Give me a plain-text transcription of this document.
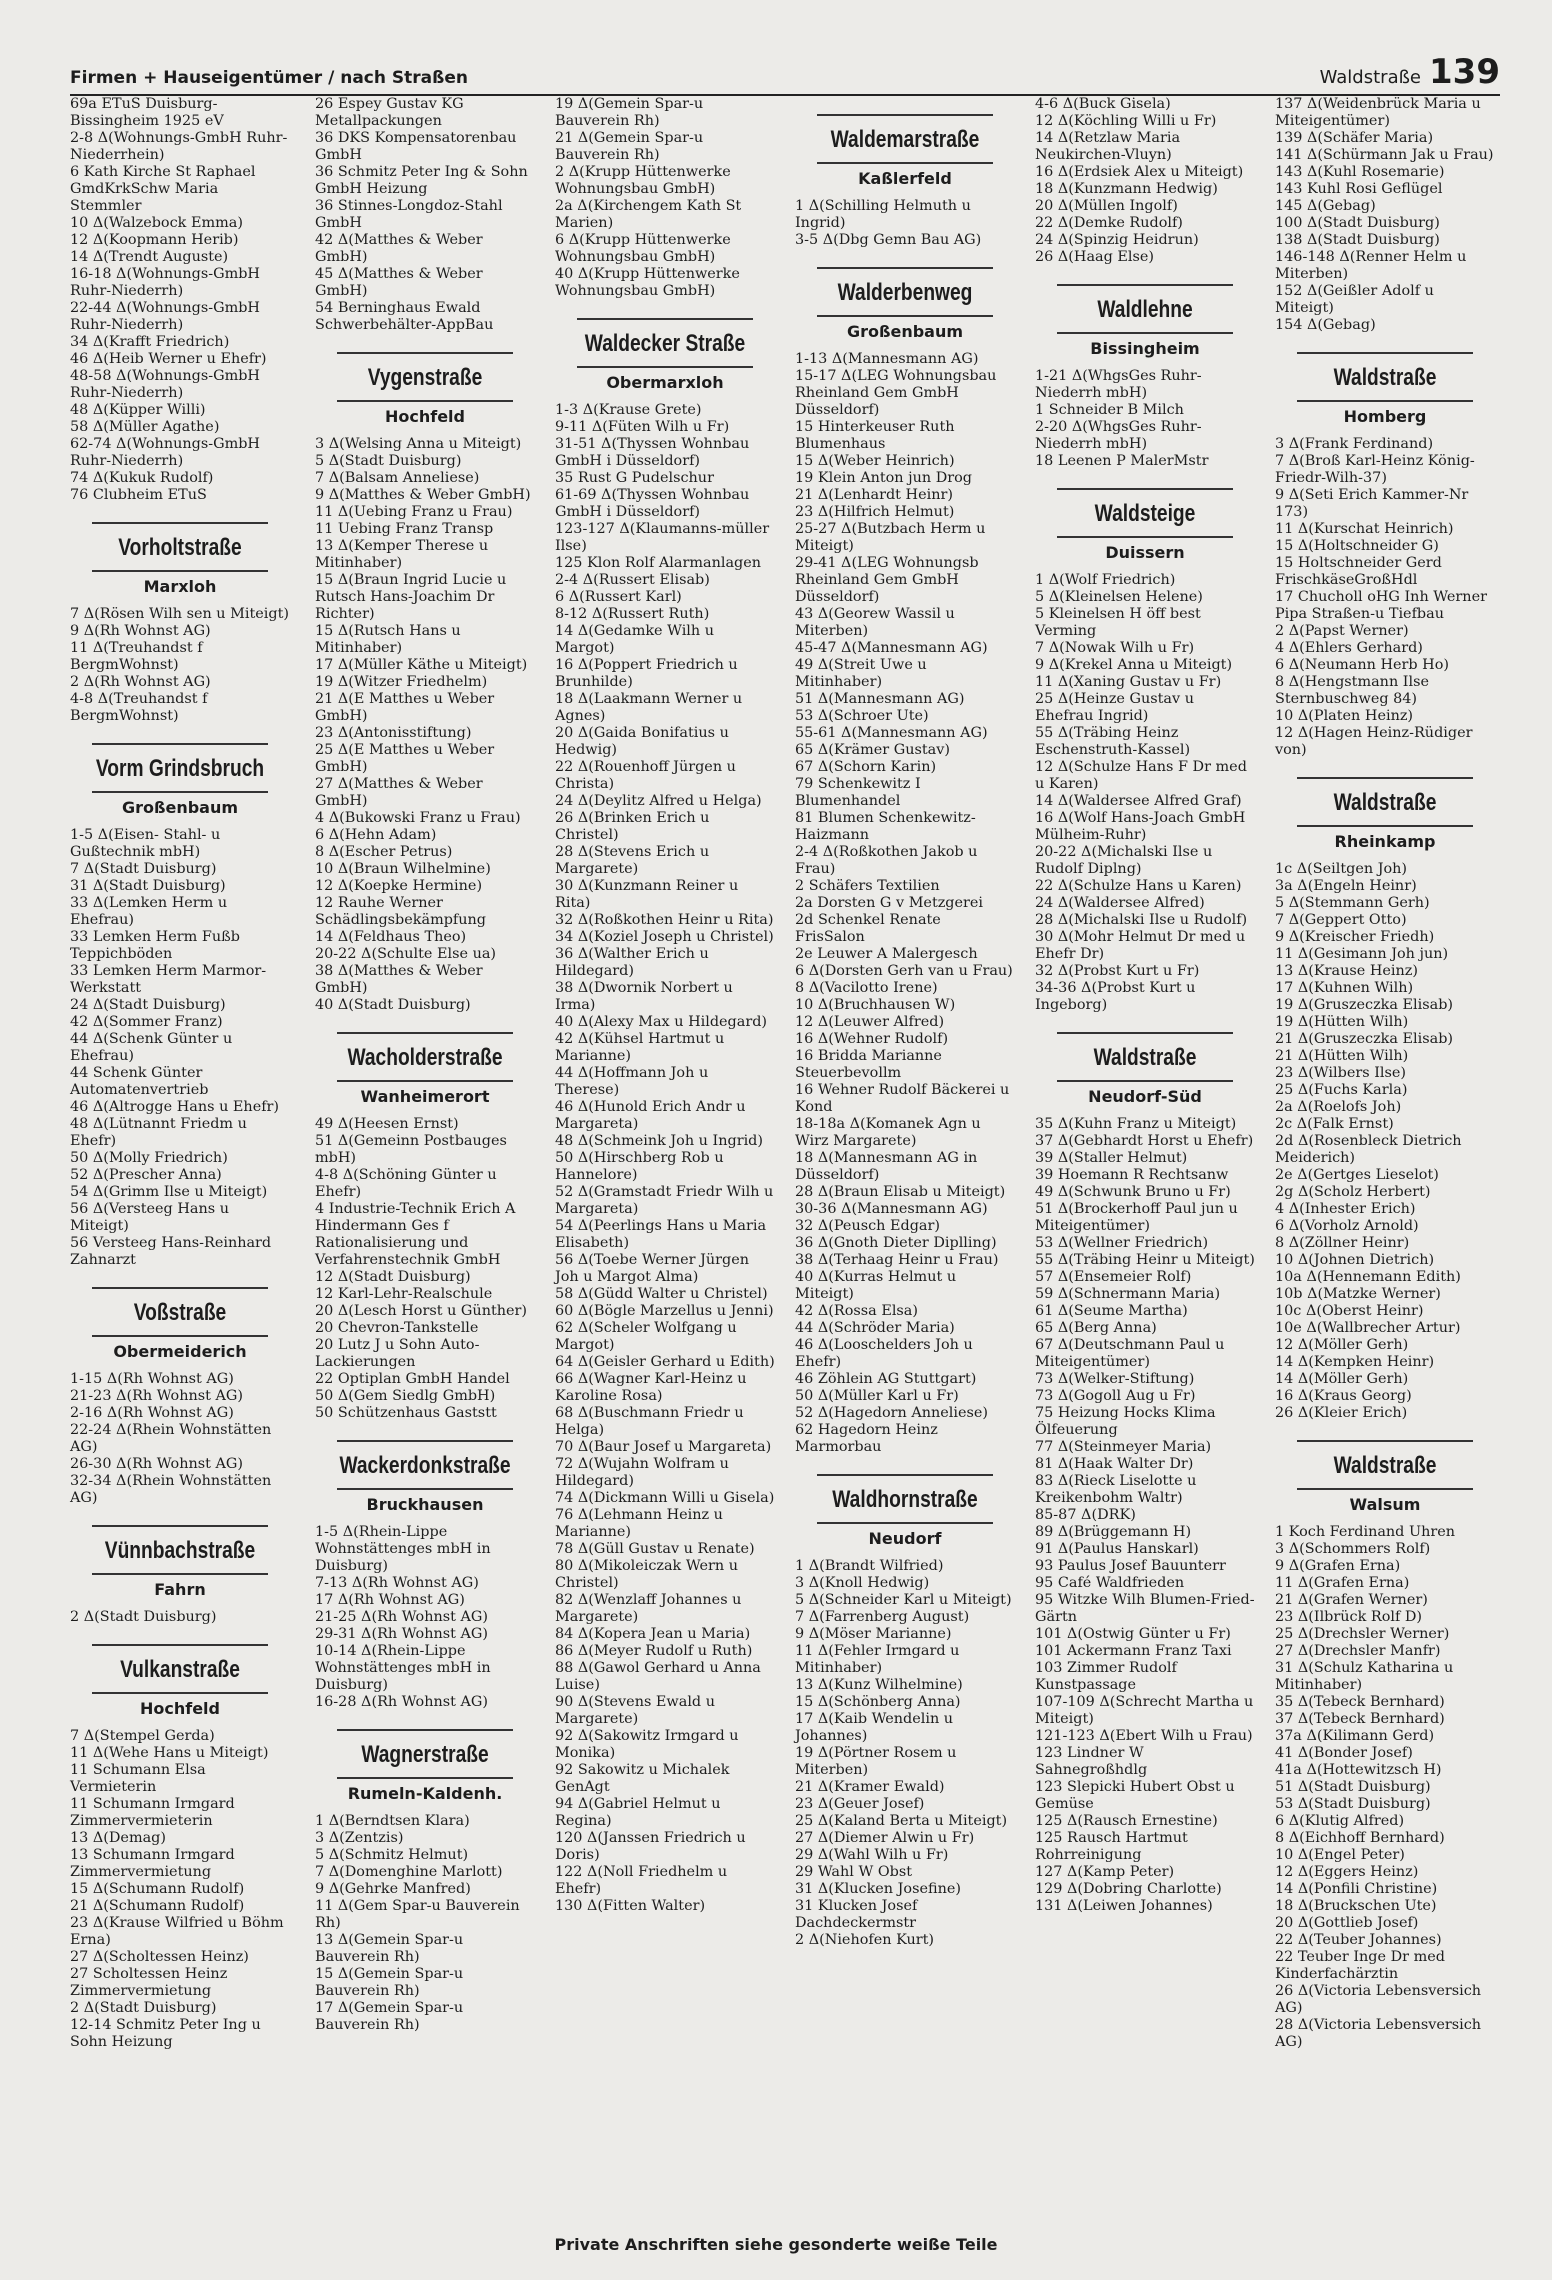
Firmen + Hauseigentümer / nach Straßen	Waldstraße 139
69a ETuS Duisburg-Bissingheim 1925 eV
2-8 Δ(Wohnungs-GmbH Ruhr-Niederrhein)
6 Kath Kirche St Raphael GmdKrkSchw Maria Stemmler
10 Δ(Walzebock Emma)
12 Δ(Koopmann Herib)
14 Δ(Trendt Auguste)
16-18 Δ(Wohnungs-GmbH Ruhr-Niederrh)
22-44 Δ(Wohnungs-GmbH Ruhr-Niederrh)
34 Δ(Krafft Friedrich)
46 Δ(Heib Werner u Ehefr)
48-58 Δ(Wohnungs-GmbH Ruhr-Niederrh)
48 Δ(Küpper Willi)
58 Δ(Müller Agathe)
62-74 Δ(Wohnungs-GmbH Ruhr-Niederrh)
74 Δ(Kukuk Rudolf)
76 Clubheim ETuS
Vorholtstraße
Marxloh
7 Δ(Rösen Wilh sen u Miteigt)
9 Δ(Rh Wohnst AG)
11 Δ(Treuhandst f BergmWohnst)
2 Δ(Rh Wohnst AG)
4-8 Δ(Treuhandst f BergmWohnst)
Vorm Grindsbruch
Großenbaum
1-5 Δ(Eisen- Stahl- u Gußtechnik mbH)
7 Δ(Stadt Duisburg)
31 Δ(Stadt Duisburg)
33 Δ(Lemken Herm u Ehefrau)
33 Lemken Herm Fußb Teppichböden
33 Lemken Herm Marmor-Werkstatt
24 Δ(Stadt Duisburg)
42 Δ(Sommer Franz)
44 Δ(Schenk Günter u Ehefrau)
44 Schenk Günter Automatenvertrieb
46 Δ(Altrogge Hans u Ehefr)
48 Δ(Lütnannt Friedm u Ehefr)
50 Δ(Molly Friedrich)
52 Δ(Prescher Anna)
54 Δ(Grimm Ilse u Miteigt)
56 Δ(Versteeg Hans u Miteigt)
56 Versteeg Hans-Reinhard Zahnarzt
Voßstraße
Obermeiderich
1-15 Δ(Rh Wohnst AG)
21-23 Δ(Rh Wohnst AG)
2-16 Δ(Rh Wohnst AG)
22-24 Δ(Rhein Wohnstätten AG)
26-30 Δ(Rh Wohnst AG)
32-34 Δ(Rhein Wohnstätten AG)
Vünnbachstraße
Fahrn
2 Δ(Stadt Duisburg)
Vulkanstraße
Hochfeld
7 Δ(Stempel Gerda)
11 Δ(Wehe Hans u Miteigt)
11 Schumann Elsa Vermieterin
11 Schumann Irmgard Zimmervermieterin
13 Δ(Demag)
13 Schumann Irmgard Zimmervermietung
15 Δ(Schumann Rudolf)
21 Δ(Schumann Rudolf)
23 Δ(Krause Wilfried u Böhm Erna)
27 Δ(Scholtessen Heinz)
27 Scholtessen Heinz Zimmervermietung
2 Δ(Stadt Duisburg)
12-14 Schmitz Peter Ing u Sohn Heizung
26 Espey Gustav KG Metallpackungen
36 DKS Kompensatorenbau GmbH
36 Schmitz Peter Ing & Sohn GmbH Heizung
36 Stinnes-Longdoz-Stahl GmbH
42 Δ(Matthes & Weber GmbH)
45 Δ(Matthes & Weber GmbH)
54 Berninghaus Ewald Schwerbehälter-AppBau
Vygenstraße
Hochfeld
3 Δ(Welsing Anna u Miteigt)
5 Δ(Stadt Duisburg)
7 Δ(Balsam Anneliese)
9 Δ(Matthes & Weber GmbH)
11 Δ(Uebing Franz u Frau)
11 Uebing Franz Transp
13 Δ(Kemper Therese u Mitinhaber)
15 Δ(Braun Ingrid Lucie u Rutsch Hans-Joachim Dr Richter)
15 Δ(Rutsch Hans u Mitinhaber)
17 Δ(Müller Käthe u Miteigt)
19 Δ(Witzer Friedhelm)
21 Δ(E Matthes u Weber GmbH)
23 Δ(Antonisstiftung)
25 Δ(E Matthes u Weber GmbH)
27 Δ(Matthes & Weber GmbH)
4 Δ(Bukowski Franz u Frau)
6 Δ(Hehn Adam)
8 Δ(Escher Petrus)
10 Δ(Braun Wilhelmine)
12 Δ(Koepke Hermine)
12 Rauhe Werner Schädlingsbekämpfung
14 Δ(Feldhaus Theo)
20-22 Δ(Schulte Else ua)
38 Δ(Matthes & Weber GmbH)
40 Δ(Stadt Duisburg)
Wacholderstraße
Wanheimerort
49 Δ(Heesen Ernst)
51 Δ(Gemeinn Postbauges mbH)
4-8 Δ(Schöning Günter u Ehefr)
4 Industrie-Technik Erich A Hindermann Ges f Rationalisierung und Verfahrenstechnik GmbH
12 Δ(Stadt Duisburg)
12 Karl-Lehr-Realschule
20 Δ(Lesch Horst u Günther)
20 Chevron-Tankstelle
20 Lutz J u Sohn Auto-Lackierungen
22 Optiplan GmbH Handel
50 Δ(Gem Siedlg GmbH)
50 Schützenhaus Gaststt
Wackerdonkstraße
Bruckhausen
1-5 Δ(Rhein-Lippe Wohnstättenges mbH in Duisburg)
7-13 Δ(Rh Wohnst AG)
17 Δ(Rh Wohnst AG)
21-25 Δ(Rh Wohnst AG)
29-31 Δ(Rh Wohnst AG)
10-14 Δ(Rhein-Lippe Wohnstättenges mbH in Duisburg)
16-28 Δ(Rh Wohnst AG)
Wagnerstraße
Rumeln-Kaldenh.
1 Δ(Berndtsen Klara)
3 Δ(Zentzis)
5 Δ(Schmitz Helmut)
7 Δ(Domenghine Marlott)
9 Δ(Gehrke Manfred)
11 Δ(Gem Spar-u Bauverein Rh)
13 Δ(Gemein Spar-u Bauverein Rh)
15 Δ(Gemein Spar-u Bauverein Rh)
17 Δ(Gemein Spar-u Bauverein Rh)
19 Δ(Gemein Spar-u Bauverein Rh)
21 Δ(Gemein Spar-u Bauverein Rh)
2 Δ(Krupp Hüttenwerke Wohnungsbau GmbH)
2a Δ(Kirchengem Kath St Marien)
6 Δ(Krupp Hüttenwerke Wohnungsbau GmbH)
40 Δ(Krupp Hüttenwerke Wohnungsbau GmbH)
Waldecker Straße
Obermarxloh
1-3 Δ(Krause Grete)
9-11 Δ(Füten Wilh u Fr)
31-51 Δ(Thyssen Wohnbau GmbH i Düsseldorf)
35 Rust G Pudelschur
61-69 Δ(Thyssen Wohnbau GmbH i Düsseldorf)
123-127 Δ(Klaumanns-müller Ilse)
125 Klon Rolf Alarmanlagen
2-4 Δ(Russert Elisab)
6 Δ(Russert Karl)
8-12 Δ(Russert Ruth)
14 Δ(Gedamke Wilh u Margot)
16 Δ(Poppert Friedrich u Brunhilde)
18 Δ(Laakmann Werner u Agnes)
20 Δ(Gaida Bonifatius u Hedwig)
22 Δ(Rouenhoff Jürgen u Christa)
24 Δ(Deylitz Alfred u Helga)
26 Δ(Brinken Erich u Christel)
28 Δ(Stevens Erich u Margarete)
30 Δ(Kunzmann Reiner u Rita)
32 Δ(Roßkothen Heinr u Rita)
34 Δ(Koziel Joseph u Christel)
36 Δ(Walther Erich u Hildegard)
38 Δ(Dwornik Norbert u Irma)
40 Δ(Alexy Max u Hildegard)
42 Δ(Kühsel Hartmut u Marianne)
44 Δ(Hoffmann Joh u Therese)
46 Δ(Hunold Erich Andr u Margareta)
48 Δ(Schmeink Joh u Ingrid)
50 Δ(Hirschberg Rob u Hannelore)
52 Δ(Gramstadt Friedr Wilh u Margareta)
54 Δ(Peerlings Hans u Maria Elisabeth)
56 Δ(Toebe Werner Jürgen Joh u Margot Alma)
58 Δ(Güdd Walter u Christel)
60 Δ(Bögle Marzellus u Jenni)
62 Δ(Scheler Wolfgang u Margot)
64 Δ(Geisler Gerhard u Edith)
66 Δ(Wagner Karl-Heinz u Karoline Rosa)
68 Δ(Buschmann Friedr u Helga)
70 Δ(Baur Josef u Margareta)
72 Δ(Wujahn Wolfram u Hildegard)
74 Δ(Dickmann Willi u Gisela)
76 Δ(Lehmann Heinz u Marianne)
78 Δ(Güll Gustav u Renate)
80 Δ(Mikoleiczak Wern u Christel)
82 Δ(Wenzlaff Johannes u Margarete)
84 Δ(Kopera Jean u Maria)
86 Δ(Meyer Rudolf u Ruth)
88 Δ(Gawol Gerhard u Anna Luise)
90 Δ(Stevens Ewald u Margarete)
92 Δ(Sakowitz Irmgard u Monika)
92 Sakowitz u Michalek GenAgt
94 Δ(Gabriel Helmut u Regina)
120 Δ(Janssen Friedrich u Doris)
122 Δ(Noll Friedhelm u Ehefr)
130 Δ(Fitten Walter)
Waldemarstraße
Kaßlerfeld
1 Δ(Schilling Helmuth u Ingrid)
3-5 Δ(Dbg Gemn Bau AG)
Walderbenweg
Großenbaum
1-13 Δ(Mannesmann AG)
15-17 Δ(LEG Wohnungsbau Rheinland Gem GmbH Düsseldorf)
15 Hinterkeuser Ruth Blumenhaus
15 Δ(Weber Heinrich)
19 Klein Anton jun Drog
21 Δ(Lenhardt Heinr)
23 Δ(Hilfrich Helmut)
25-27 Δ(Butzbach Herm u Miteigt)
29-41 Δ(LEG Wohnungsb Rheinland Gem GmbH Düsseldorf)
43 Δ(Georew Wassil u Miterben)
45-47 Δ(Mannesmann AG)
49 Δ(Streit Uwe u Mitinhaber)
51 Δ(Mannesmann AG)
53 Δ(Schroer Ute)
55-61 Δ(Mannesmann AG)
65 Δ(Krämer Gustav)
67 Δ(Schorn Karin)
79 Schenkewitz I Blumenhandel
81 Blumen Schenkewitz-Haizmann
2-4 Δ(Roßkothen Jakob u Frau)
2 Schäfers Textilien
2a Dorsten G v Metzgerei
2d Schenkel Renate FrisSalon
2e Leuwer A Malergesch
6 Δ(Dorsten Gerh van u Frau)
8 Δ(Vacilotto Irene)
10 Δ(Bruchhausen W)
12 Δ(Leuwer Alfred)
16 Δ(Wehner Rudolf)
16 Bridda Marianne Steuerbevollm
16 Wehner Rudolf Bäckerei u Kond
18-18a Δ(Komanek Agn u Wirz Margarete)
18 Δ(Mannesmann AG in Düsseldorf)
28 Δ(Braun Elisab u Miteigt)
30-36 Δ(Mannesmann AG)
32 Δ(Peusch Edgar)
36 Δ(Gnoth Dieter Diplling)
38 Δ(Terhaag Heinr u Frau)
40 Δ(Kurras Helmut u Miteigt)
42 Δ(Rossa Elsa)
44 Δ(Schröder Maria)
46 Δ(Looschelders Joh u Ehefr)
46 Zöhlein AG Stuttgart)
50 Δ(Müller Karl u Fr)
52 Δ(Hagedorn Anneliese)
62 Hagedorn Heinz Marmorbau
Waldhornstraße
Neudorf
1 Δ(Brandt Wilfried)
3 Δ(Knoll Hedwig)
5 Δ(Schneider Karl u Miteigt)
7 Δ(Farrenberg August)
9 Δ(Möser Marianne)
11 Δ(Fehler Irmgard u Mitinhaber)
13 Δ(Kunz Wilhelmine)
15 Δ(Schönberg Anna)
17 Δ(Kaib Wendelin u Johannes)
19 Δ(Pörtner Rosem u Miterben)
21 Δ(Kramer Ewald)
23 Δ(Geuer Josef)
25 Δ(Kaland Berta u Miteigt)
27 Δ(Diemer Alwin u Fr)
29 Δ(Wahl Wilh u Fr)
29 Wahl W Obst
31 Δ(Klucken Josefine)
31 Klucken Josef Dachdeckermstr
2 Δ(Niehofen Kurt)
4-6 Δ(Buck Gisela)
12 Δ(Köchling Willi u Fr)
14 Δ(Retzlaw Maria Neukirchen-Vluyn)
16 Δ(Erdsiek Alex u Miteigt)
18 Δ(Kunzmann Hedwig)
20 Δ(Müllen Ingolf)
22 Δ(Demke Rudolf)
24 Δ(Spinzig Heidrun)
26 Δ(Haag Else)
Waldlehne
Bissingheim
1-21 Δ(WhgsGes Ruhr-Niederrh mbH)
1 Schneider B Milch
2-20 Δ(WhgsGes Ruhr-Niederrh mbH)
18 Leenen P MalerMstr
Waldsteige
Duissern
1 Δ(Wolf Friedrich)
5 Δ(Kleinelsen Helene)
5 Kleinelsen H öff best Verming
7 Δ(Nowak Wilh u Fr)
9 Δ(Krekel Anna u Miteigt)
11 Δ(Xaning Gustav u Fr)
25 Δ(Heinze Gustav u Ehefrau Ingrid)
55 Δ(Träbing Heinz Eschenstruth-Kassel)
12 Δ(Schulze Hans F Dr med u Karen)
14 Δ(Waldersee Alfred Graf)
16 Δ(Wolf Hans-Joach GmbH Mülheim-Ruhr)
20-22 Δ(Michalski Ilse u Rudolf Diplng)
22 Δ(Schulze Hans u Karen)
24 Δ(Waldersee Alfred)
28 Δ(Michalski Ilse u Rudolf)
30 Δ(Mohr Helmut Dr med u Ehefr Dr)
32 Δ(Probst Kurt u Fr)
34-36 Δ(Probst Kurt u Ingeborg)
Waldstraße
Neudorf-Süd
35 Δ(Kuhn Franz u Miteigt)
37 Δ(Gebhardt Horst u Ehefr)
39 Δ(Staller Helmut)
39 Hoemann R Rechtsanw
49 Δ(Schwunk Bruno u Fr)
51 Δ(Brockerhoff Paul jun u Miteigentümer)
53 Δ(Wellner Friedrich)
55 Δ(Träbing Heinr u Miteigt)
57 Δ(Ensemeier Rolf)
59 Δ(Schnermann Maria)
61 Δ(Seume Martha)
65 Δ(Berg Anna)
67 Δ(Deutschmann Paul u Miteigentümer)
73 Δ(Welker-Stiftung)
73 Δ(Gogoll Aug u Fr)
75 Heizung Hocks Klima Ölfeuerung
77 Δ(Steinmeyer Maria)
81 Δ(Haak Walter Dr)
83 Δ(Rieck Liselotte u Kreikenbohm Waltr)
85-87 Δ(DRK)
89 Δ(Brüggemann H)
91 Δ(Paulus Hanskarl)
93 Paulus Josef Bauunterr
95 Café Waldfrieden
95 Witzke Wilh Blumen-Fried-Gärtn
101 Δ(Ostwig Günter u Fr)
101 Ackermann Franz Taxi
103 Zimmer Rudolf Kunstpassage
107-109 Δ(Schrecht Martha u Miteigt)
121-123 Δ(Ebert Wilh u Frau)
123 Lindner W Sahnegroßhdlg
123 Slepicki Hubert Obst u Gemüse
125 Δ(Rausch Ernestine)
125 Rausch Hartmut Rohrreinigung
127 Δ(Kamp Peter)
129 Δ(Dobring Charlotte)
131 Δ(Leiwen Johannes)
137 Δ(Weidenbrück Maria u Miteigentümer)
139 Δ(Schäfer Maria)
141 Δ(Schürmann Jak u Frau)
143 Δ(Kuhl Rosemarie)
143 Kuhl Rosi Geflügel
145 Δ(Gebag)
100 Δ(Stadt Duisburg)
138 Δ(Stadt Duisburg)
146-148 Δ(Renner Helm u Miterben)
152 Δ(Geißler Adolf u Miteigt)
154 Δ(Gebag)
Waldstraße
Homberg
3 Δ(Frank Ferdinand)
7 Δ(Broß Karl-Heinz König-Friedr-Wilh-37)
9 Δ(Seti Erich Kammer-Nr 173)
11 Δ(Kurschat Heinrich)
15 Δ(Holtschneider G)
15 Holtschneider Gerd FrischkäseGroßHdl
17 Chucholl oHG Inh Werner Pipa Straßen-u Tiefbau
2 Δ(Papst Werner)
4 Δ(Ehlers Gerhard)
6 Δ(Neumann Herb Ho)
8 Δ(Hengstmann Ilse Sternbuschweg 84)
10 Δ(Platen Heinz)
12 Δ(Hagen Heinz-Rüdiger von)
Waldstraße
Rheinkamp
1c Δ(Seiltgen Joh)
3a Δ(Engeln Heinr)
5 Δ(Stemmann Gerh)
7 Δ(Geppert Otto)
9 Δ(Kreischer Friedh)
11 Δ(Gesimann Joh jun)
13 Δ(Krause Heinz)
17 Δ(Kuhnen Wilh)
19 Δ(Gruszeczka Elisab)
19 Δ(Hütten Wilh)
21 Δ(Gruszeczka Elisab)
21 Δ(Hütten Wilh)
23 Δ(Wilbers Ilse)
25 Δ(Fuchs Karla)
2a Δ(Roelofs Joh)
2c Δ(Falk Ernst)
2d Δ(Rosenbleck Dietrich Meiderich)
2e Δ(Gertges Lieselot)
2g Δ(Scholz Herbert)
4 Δ(Inhester Erich)
6 Δ(Vorholz Arnold)
8 Δ(Zöllner Heinr)
10 Δ(Johnen Dietrich)
10a Δ(Hennemann Edith)
10b Δ(Matzke Werner)
10c Δ(Oberst Heinr)
10e Δ(Wallbrecher Artur)
12 Δ(Möller Gerh)
14 Δ(Kempken Heinr)
14 Δ(Möller Gerh)
16 Δ(Kraus Georg)
26 Δ(Kleier Erich)
Waldstraße
Walsum
1 Koch Ferdinand Uhren
3 Δ(Schommers Rolf)
9 Δ(Grafen Erna)
11 Δ(Grafen Erna)
21 Δ(Grafen Werner)
23 Δ(Ilbrück Rolf D)
25 Δ(Drechsler Werner)
27 Δ(Drechsler Manfr)
31 Δ(Schulz Katharina u Mitinhaber)
35 Δ(Tebeck Bernhard)
37 Δ(Tebeck Bernhard)
37a Δ(Kilimann Gerd)
41 Δ(Bonder Josef)
41a Δ(Hottewitzsch H)
51 Δ(Stadt Duisburg)
53 Δ(Stadt Duisburg)
6 Δ(Klutig Alfred)
8 Δ(Eichhoff Bernhard)
10 Δ(Engel Peter)
12 Δ(Eggers Heinz)
14 Δ(Ponfili Christine)
18 Δ(Bruckschen Ute)
20 Δ(Gottlieb Josef)
22 Δ(Teuber Johannes)
22 Teuber Inge Dr med Kinderfachärztin
26 Δ(Victoria Lebensversich AG)
28 Δ(Victoria Lebensversich AG)
Private Anschriften siehe gesonderte weiße Teile
